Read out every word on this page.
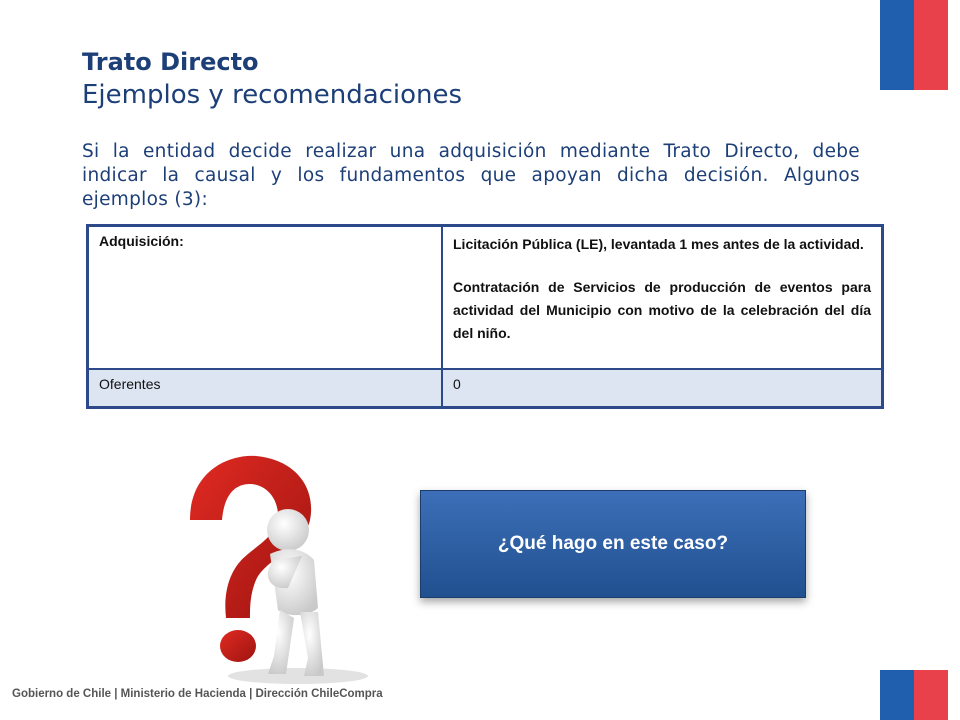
Trato Directo
Ejemplos y recomendaciones
Si la entidad decide realizar una adquisición mediante Trato Directo, debe indicar la causal y los fundamentos que apoyan dicha decisión. Algunos ejemplos (3):
Adquisición:	Licitación Pública (LE), levantada 1 mes antes de la actividad.

Contratación de Servicios de producción de eventos para actividad del Municipio con motivo de la celebración del día del niño.

Oferentes	0
¿Qué hago en este caso?
Gobierno de Chile | Ministerio de Hacienda | Dirección ChileCompra
